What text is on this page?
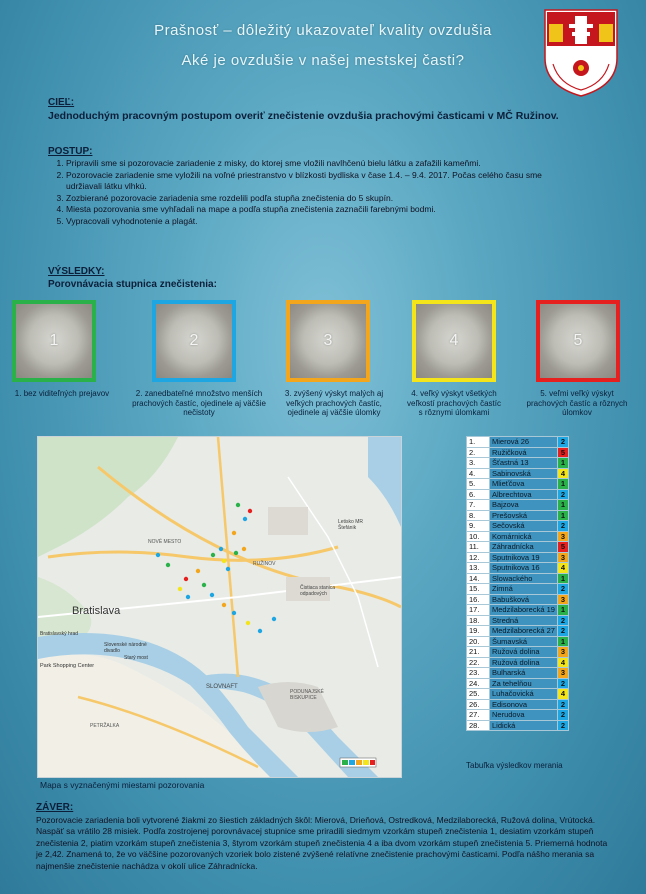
Prašnosť – dôležitý ukazovateľ kvality ovzdušia
Aké je ovzdušie v našej mestskej časti?
CIEĽ:
Jednoduchým pracovným postupom overiť znečistenie ovzdušia prachovými časticami v MČ Ružinov.
POSTUP:
1. Pripravili sme si pozorovacie zariadenie z misky, do ktorej sme vložili navlhčenú bielu látku a zafažili kameňmi.
2. Pozorovacie zariadenie sme vyložili na voľné priestranstvo v blízkosti bydliska v čase 1.4. – 9.4. 2017. Počas celého času sme udržiavali látku vlhkú.
3. Zozbierané pozorovacie zariadenia sme rozdelili podľa stupňa znečistenia do 5 skupín.
4. Miesta pozorovania sme vyhľadali na mape a podľa stupňa znečistenia zaznačili farebnými bodmi.
5. Vypracovali vyhodnotenie a plagát.
VÝSLEDKY:
Porovnávacia stupnica znečistenia:
1	2	3	4	5
1. bez viditeľných prejavov	2. zanedbateľné množstvo menších prachových častíc, ojedinele aj väčšie nečistoty
3. zvýšený výskyt malých aj veľkých prachových častíc, ojedinele aj väčšie úlomky
4. veľký výskyt všetkých veľkostí prachových častíc s rôznymi úlomkami
5. veľmi veľký výskyt prachových častíc a rôznych úlomkov
Bratislava
SLOVNAFT
NOVÉ MESTO
RUŽINOV
Park Shopping Center
Čistiaca stanica odpadových
Letisko MR Štefánik
PETRŽALKA
PODUNAJSKÉ BISKUPICE
Slovenské národné divadlo
Bratislavský hrad
Starý most
Mapa s vyznačenými miestami pozorovania
1.	Mierová 26	2
2.	Ružičková	5
3.	Šťastná 13	1
4.	Sabinovská	4
5.	Mlieťčova	1
6.	Albrechtova	2
7.	Bajzova	1
8.	Prešovská	1
9.	Sečovská	2
10.	Komárnická	3
11.	Záhradnícka	5
12.	Sputnikova 19	3
13.	Sputnikova 16	4
14.	Slowackého	1
15.	Zimná	2
16.	Babušková	3
17.	Medzilaborecká 19	1
18.	Stredná	2
19.	Medzilaborecká 27	2
20.	Šumavská	1
21.	Ružová dolina	3
22.	Ružová dolina	4
23.	Bulharská	3
24.	Za tehelňou	2
25.	Luhačovická	4
26.	Edisonova	2
27.	Nerudova	2
28.	Lidická	2
Tabuľka výsledkov merania
ZÁVER:
Pozorovacie zariadenia boli vytvorené žiakmi zo šiestich základných škôl: Mierová, Drieňová, Ostredková, Medzilaborecká, Ružová dolina, Vrútocká. Naspäť sa vrátilo 28 misiek. Podľa zostrojenej porovnávacej stupnice sme priradili siedmym vzorkám stupeň znečistenia 1, desiatim vzorkám stupeň znečistenia 2, piatim vzorkám stupeň znečistenia 3, štyrom vzorkám stupeň znečistenia 4 a iba dvom vzorkám stupeň znečistenia 5. Priemerná hodnota je 2,42. Znamená to, že vo väčšine pozorovaných vzoriek bolo zistené zvýšené relatívne znečistenie prachovými časticami. Podľa nášho merania sa najmenšie znečistenie nachádza v okolí ulice Záhradnícka.
